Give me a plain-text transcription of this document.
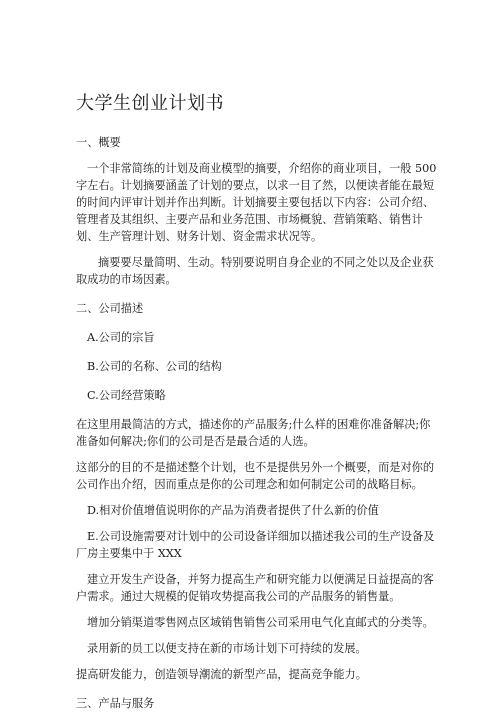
大学生创业计划书

一、概要

一个非常简练的计划及商业模型的摘要，介绍你的商业项目，一般 500 字左右。计划摘要涵盖了计划的要点，以求一目了然，以便读者能在最短的时间内评审计划并作出判断。计划摘要主要包括以下内容：公司介绍、管理者及其组织、主要产品和业务范围、市场概貌、营销策略、销售计划、生产管理计划、财务计划、资金需求状况等。

摘要要尽量简明、生动。特别要说明自身企业的不同之处以及企业获取成功的市场因素。

二、公司描述

A.公司的宗旨

B.公司的名称、公司的结构

C.公司经营策略

在这里用最简洁的方式，描述你的产品服务;什么样的困难你准备解决;你准备如何解决;你们的公司是否是最合适的人选。

这部分的目的不是描述整个计划，也不是提供另外一个概要，而是对你的公司作出介绍，因而重点是你的公司理念和如何制定公司的战略目标。

D.相对价值增值说明你的产品为消费者提供了什么新的价值

E.公司设施需要对计划中的公司设备详细加以描述我公司的生产设备及厂房主要集中于 XXX

建立开发生产设备，并努力提高生产和研究能力以便满足日益提高的客户需求。通过大规模的促销攻势提高我公司的产品服务的销售量。

增加分销渠道零售网点区域销售销售公司采用电气化直邮式的分类等。

录用新的员工以便支持在新的市场计划下可持续的发展。

提高研发能力，创造领导潮流的新型产品，提高竞争能力。

三、产品与服务
